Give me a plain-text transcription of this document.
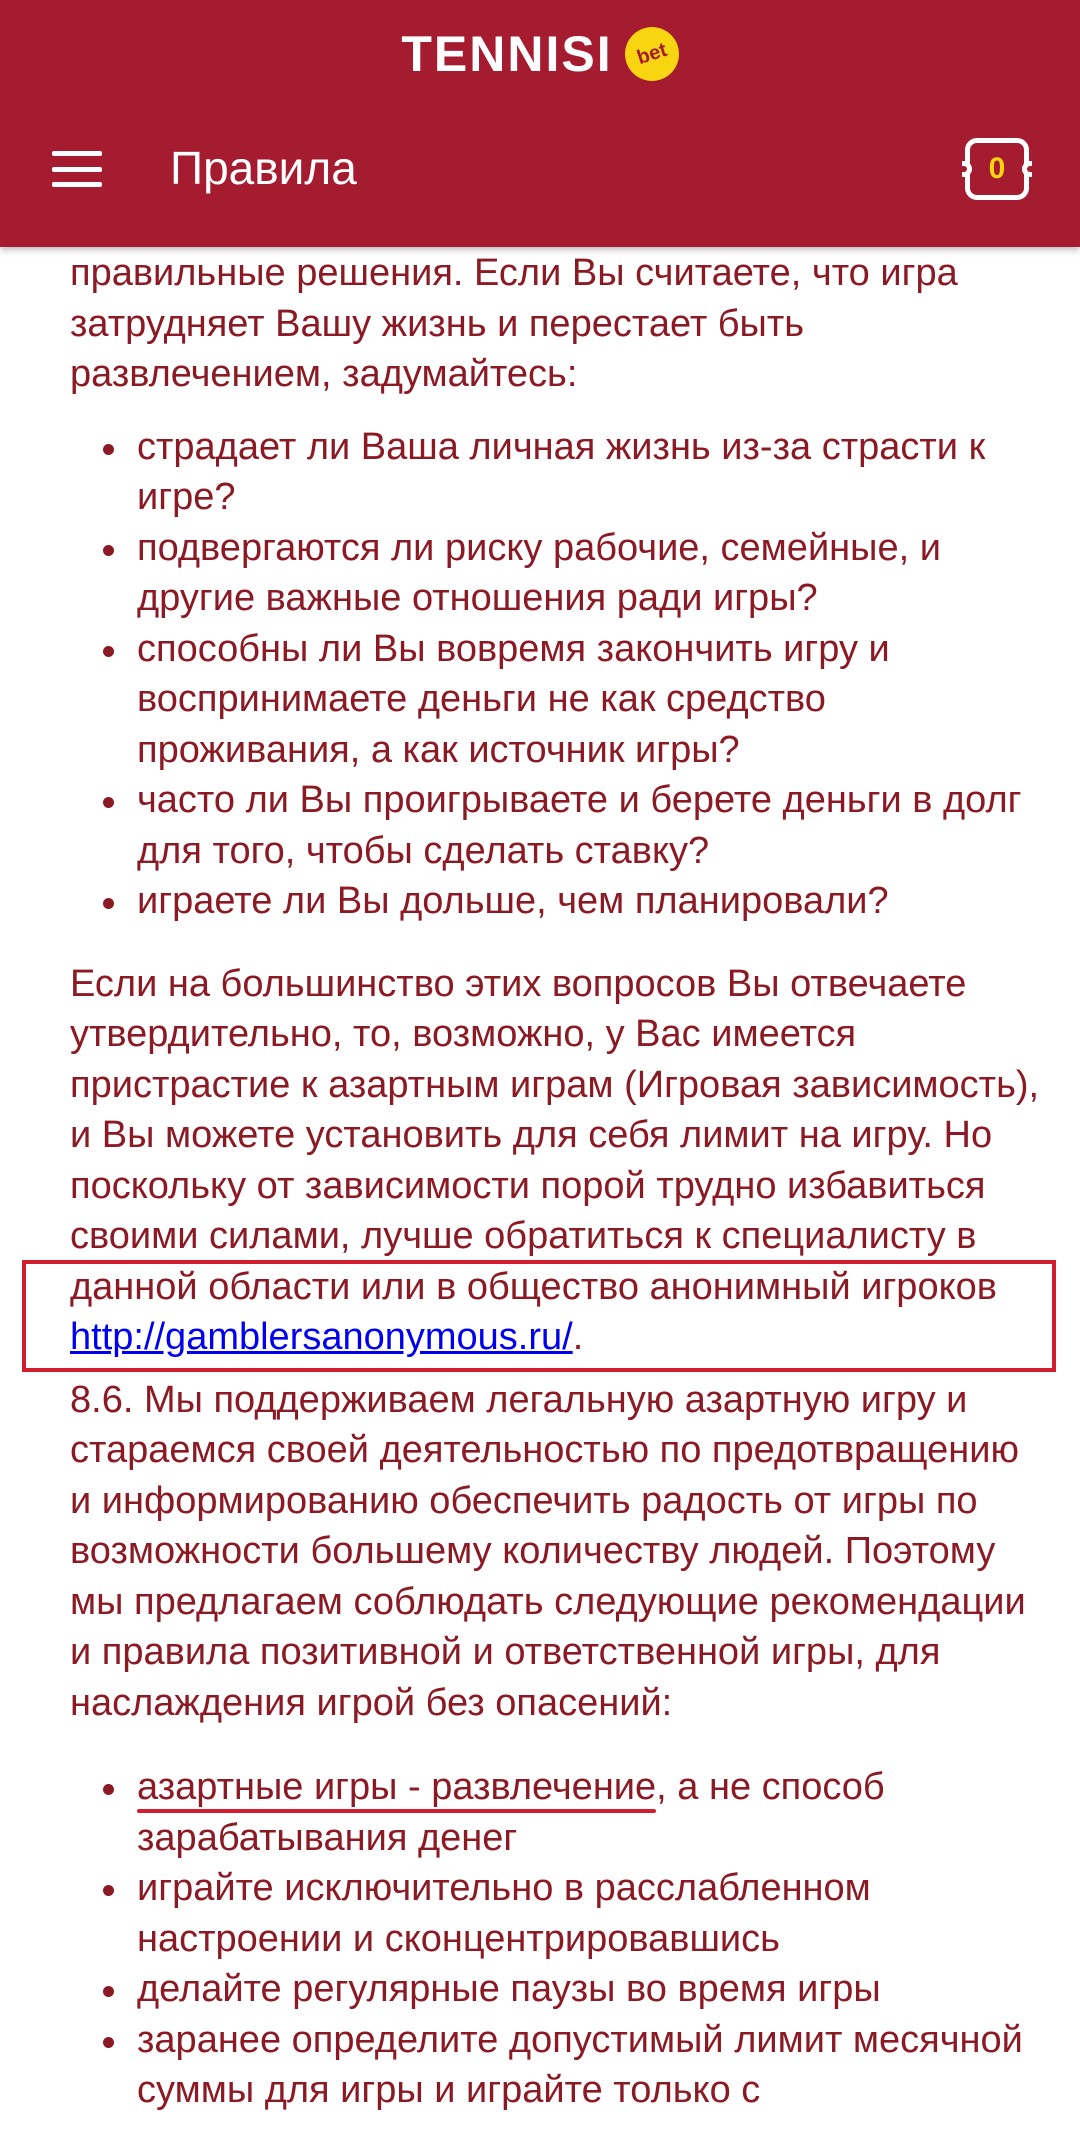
TENNISI	bet
Правила	0

правильные решения. Если Вы считаете, что игра затрудняет Вашу жизнь и перестает быть развлечением, задумайтесь:

страдает ли Ваша личная жизнь из-за страсти к игре?
подвергаются ли риску рабочие, семейные, и другие важные отношения ради игры?
способны ли Вы вовремя закончить игру и воспринимаете деньги не как средство проживания, а как источник игры?
часто ли Вы проигрываете и берете деньги в долг для того, чтобы сделать ставку?
играете ли Вы дольше, чем планировали?

Если на большинство этих вопросов Вы отвечаете утвердительно, то, возможно, у Вас имеется пристрастие к азартным играм (Игровая зависимость), и Вы можете установить для себя лимит на игру. Но поскольку от зависимости порой трудно избавиться своими силами, лучше обратиться к специалисту в данной области или в общество анонимный игроков
http://gamblersanonymous.ru/.

8.6. Мы поддерживаем легальную азартную игру и стараемся своей деятельностью по предотвращению и информированию обеспечить радость от игры по возможности большему количеству людей. Поэтому мы предлагаем соблюдать следующие рекомендации и правила позитивной и ответственной игры, для наслаждения игрой без опасений:

азартные игры - развлечение
, а не способ зарабатывания денег
играйте исключительно в расслабленном настроении и сконцентрировавшись
делайте регулярные паузы во время игры
заранее определите допустимый лимит месячной суммы для игры и играйте только с
